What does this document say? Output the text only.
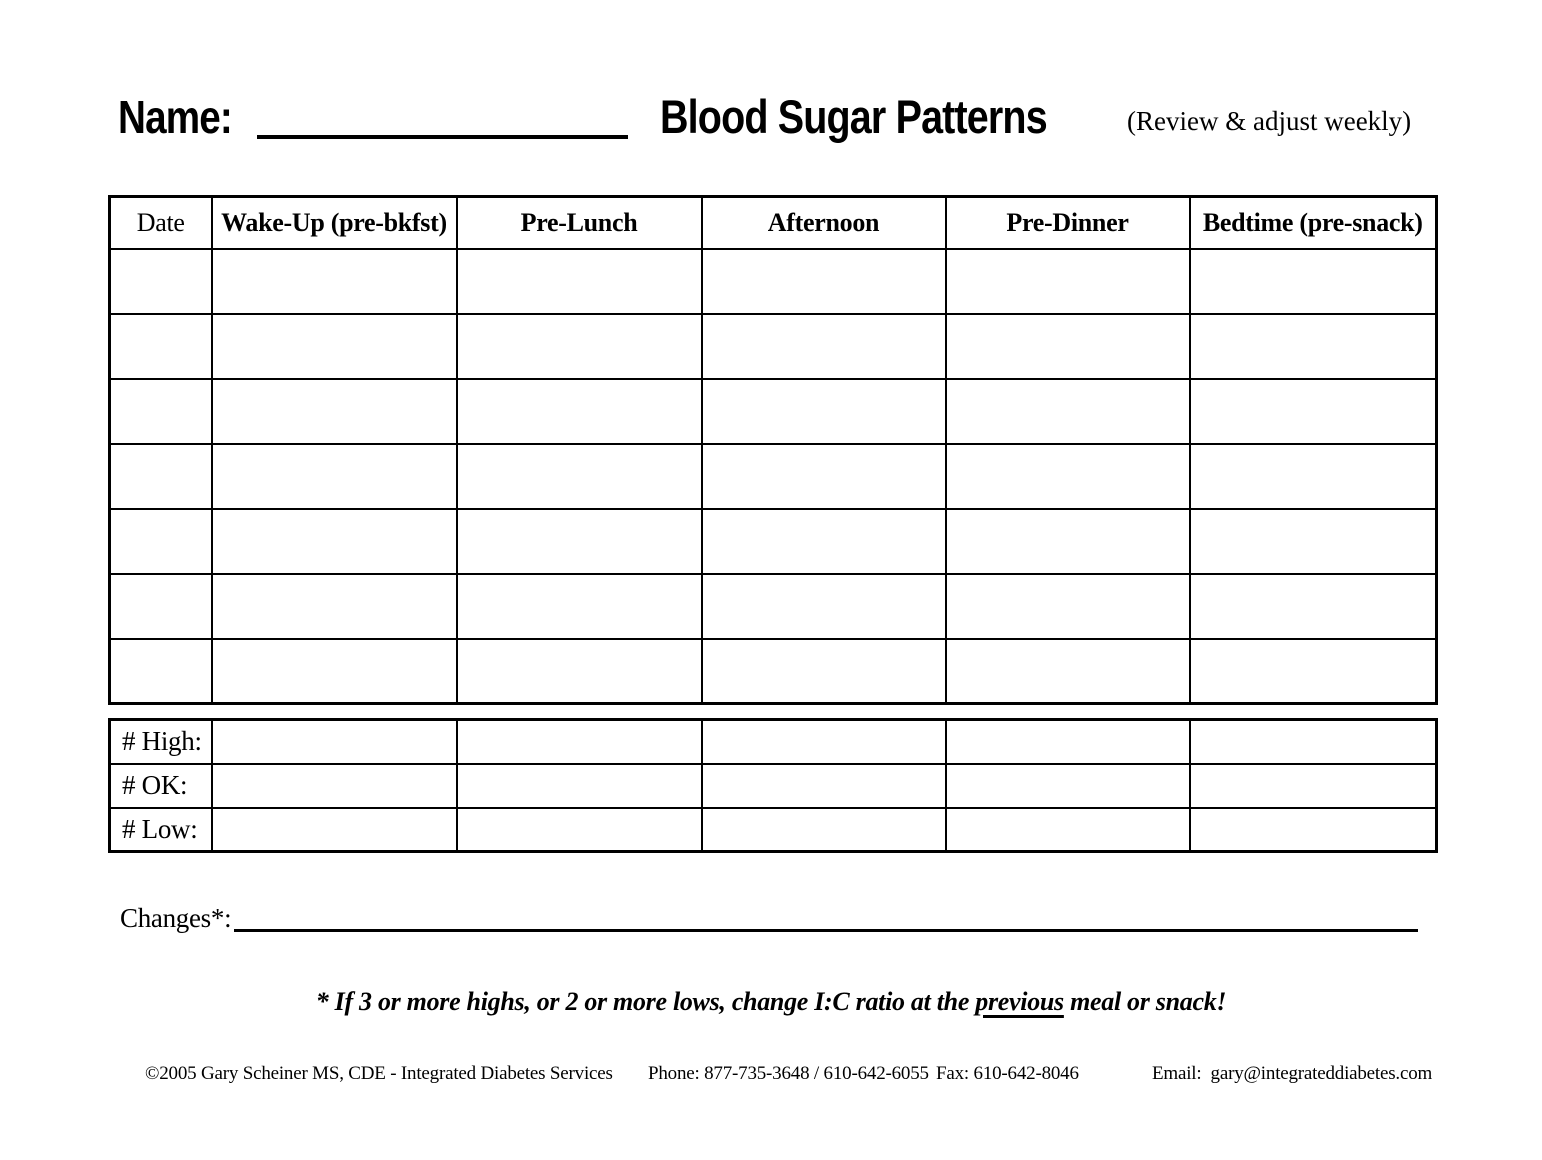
Name:	Blood Sugar Patterns	(Review & adjust weekly)
Date	Wake-Up (pre-bkfst)	Pre-Lunch	Afternoon	Pre-Dinner	Bedtime (pre-snack)

# High:					
# OK:					
# Low:					
Changes*:
* If 3 or more highs, or 2 or more lows, change I:C ratio at the previous meal or snack!
©2005 Gary Scheiner MS, CDE - Integrated Diabetes Services Phone: 877-735-3648 / 610-642-6055 Fax: 610-642-8046	Email:  gary@integrateddiabetes.com
